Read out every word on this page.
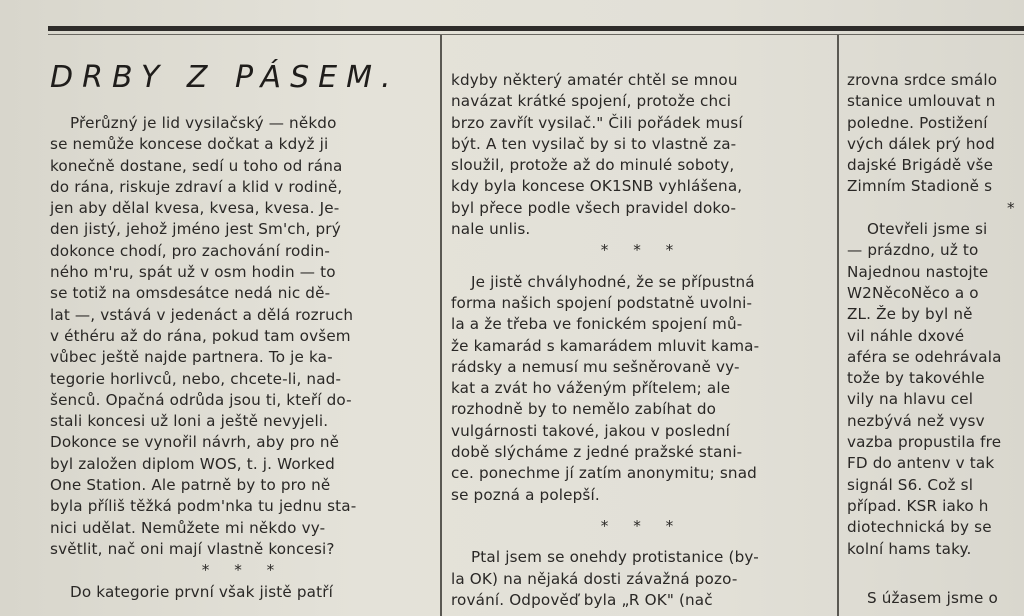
DRBY Z PÁSEM.

Přerůzný je lid vysilačský — někdo
se nemůže koncese dočkat a když ji
konečně dostane, sedí u toho od rána
do rána, riskuje zdraví a klid v rodině,
jen aby dělal kvesa, kvesa, kvesa. Je-
den jistý, jehož jméno jest Sm'ch, prý
dokonce chodí, pro zachování rodin-
ného m'ru, spát už v osm hodin — to
se totiž na omsdesátce nedá nic dě-
lat —, vstává v jedenáct a dělá rozruch
v éthéru až do rána, pokud tam ovšem
vůbec ještě najde partnera. To je ka-
tegorie horlivců, nebo, chcete-li, nad-
šenců. Opačná odrůda jsou ti, kteří do-
stali koncesi už loni a ještě nevyjeli.
Dokonce se vynořil návrh, aby pro ně
byl založen diplom WOS, t. j. Worked
One Station. Ale patrně by to pro ně
byla příliš těžká podm'nka tu jednu sta-
nici udělat. Nemůžete mi někdo vy-
světlit, nač oni mají vlastně koncesi?

* * *

Do kategorie první však jistě patří

kdyby některý amatér chtěl se mnou
navázat krátké spojení, protože chci
brzo zavřít vysilač." Čili pořádek musí
být. A ten vysilač by si to vlastně za-
sloužil, protože až do minulé soboty,
kdy byla koncese OK1SNB vyhlášena,
byl přece podle všech pravidel doko-
nale unlis.

* * *

Je jistě chvályhodné, že se přípustná
forma našich spojení podstatně uvolni-
la a že třeba ve fonickém spojení mů-
že kamarád s kamarádem mluvit kama-
rádsky a nemusí mu sešněrovaně vy-
kat a zvát ho váženým přítelem; ale
rozhodně by to nemělo zabíhat do
vulgárnosti takové, jakou v poslední
době slýcháme z jedné pražské stani-
ce. ponechme jí zatím anonymitu; snad
se pozná a polepší.

* * *

Ptal jsem se onehdy protistanice (by-
la OK) na nějaká dosti závažná pozo-
rování. Odpověď byla „R OK" (nač

zrovna srdce smálo
stanice umlouvat n
poledne. Postižení
vých dálek prý hod
dajské Brigádě vše
Zimním Stadioně s

*

Otevřeli jsme si
— prázdno, už to
Najednou nastojte
W2NěcoNěco a o
ZL. Že by byl ně
vil náhle dxové
aféra se odehrávala
tože by takovéhle
vily na hlavu cel
nezbývá než vysv
vazba propustila fre
FD do antenv v tak
signál S6. Což sl
případ. KSR iako h
diotechnická by se
kolní hams taky.

S úžasem jsme o
